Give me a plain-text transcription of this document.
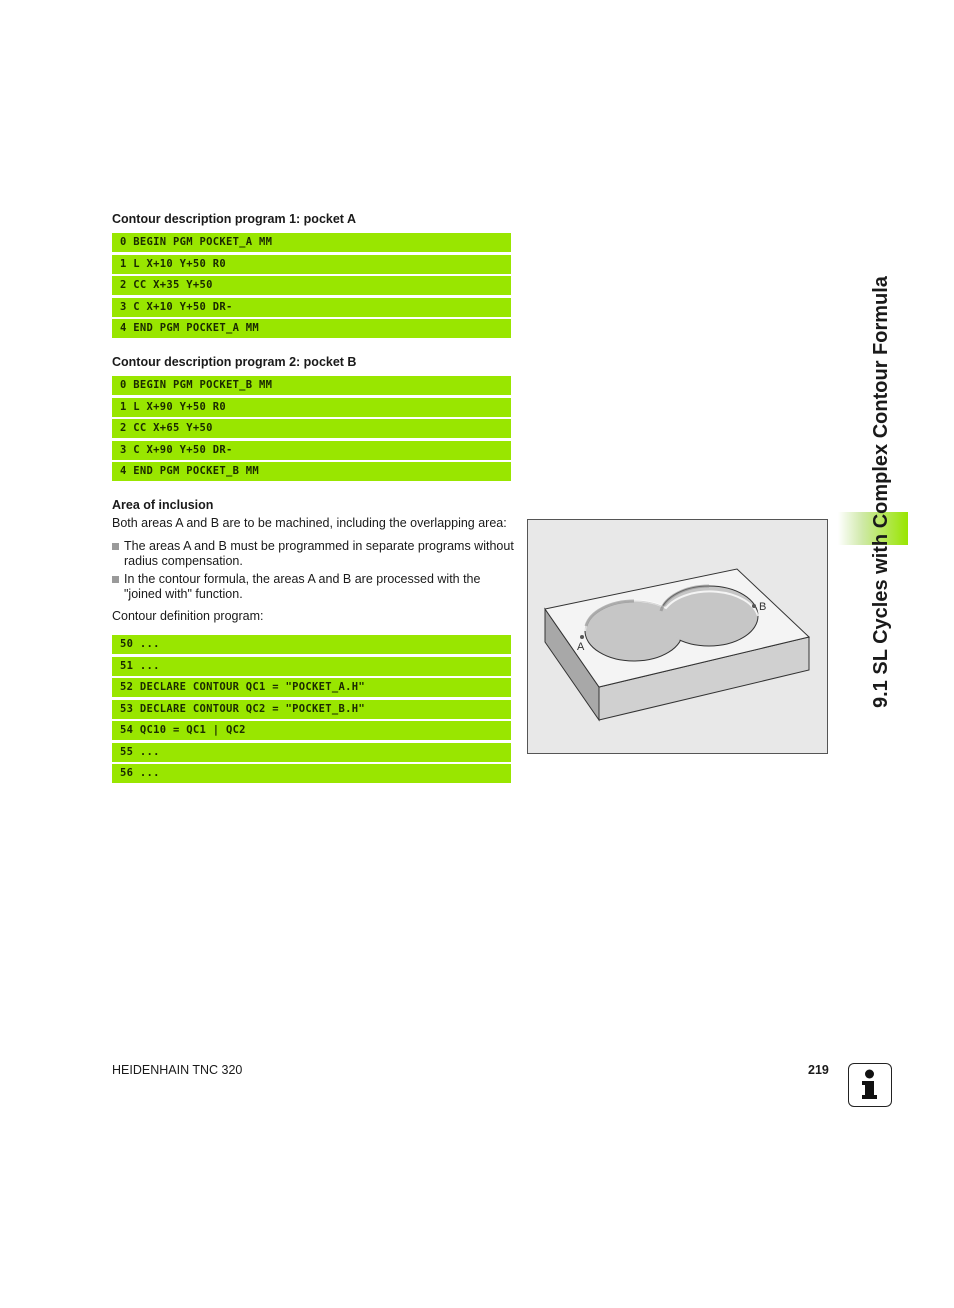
Contour description program 1: pocket A
0 BEGIN PGM POCKET_A MM
1 L X+10 Y+50 R0
2 CC X+35 Y+50
3 C X+10 Y+50 DR-
4 END PGM POCKET_A MM
Contour description program 2: pocket B
0 BEGIN PGM POCKET_B MM
1 L X+90 Y+50 R0
2 CC X+65 Y+50
3 C X+90 Y+50 DR-
4 END PGM POCKET_B MM
Area of inclusion
Both areas A and B are to be machined, including the overlapping area:
The areas A and B must be programmed in separate programs without radius compensation.
In the contour formula, the areas A and B are processed with the "joined with" function.
Contour definition program:
50 ...
51 ...
52 DECLARE CONTOUR QC1 = "POCKET_A.H"
53 DECLARE CONTOUR QC2 = "POCKET_B.H"
54 QC10 = QC1 | QC2
55 ...
56 ...
A
B	9.1 SL Cycles with Complex Contour Formula
HEIDENHAIN TNC 320	219
